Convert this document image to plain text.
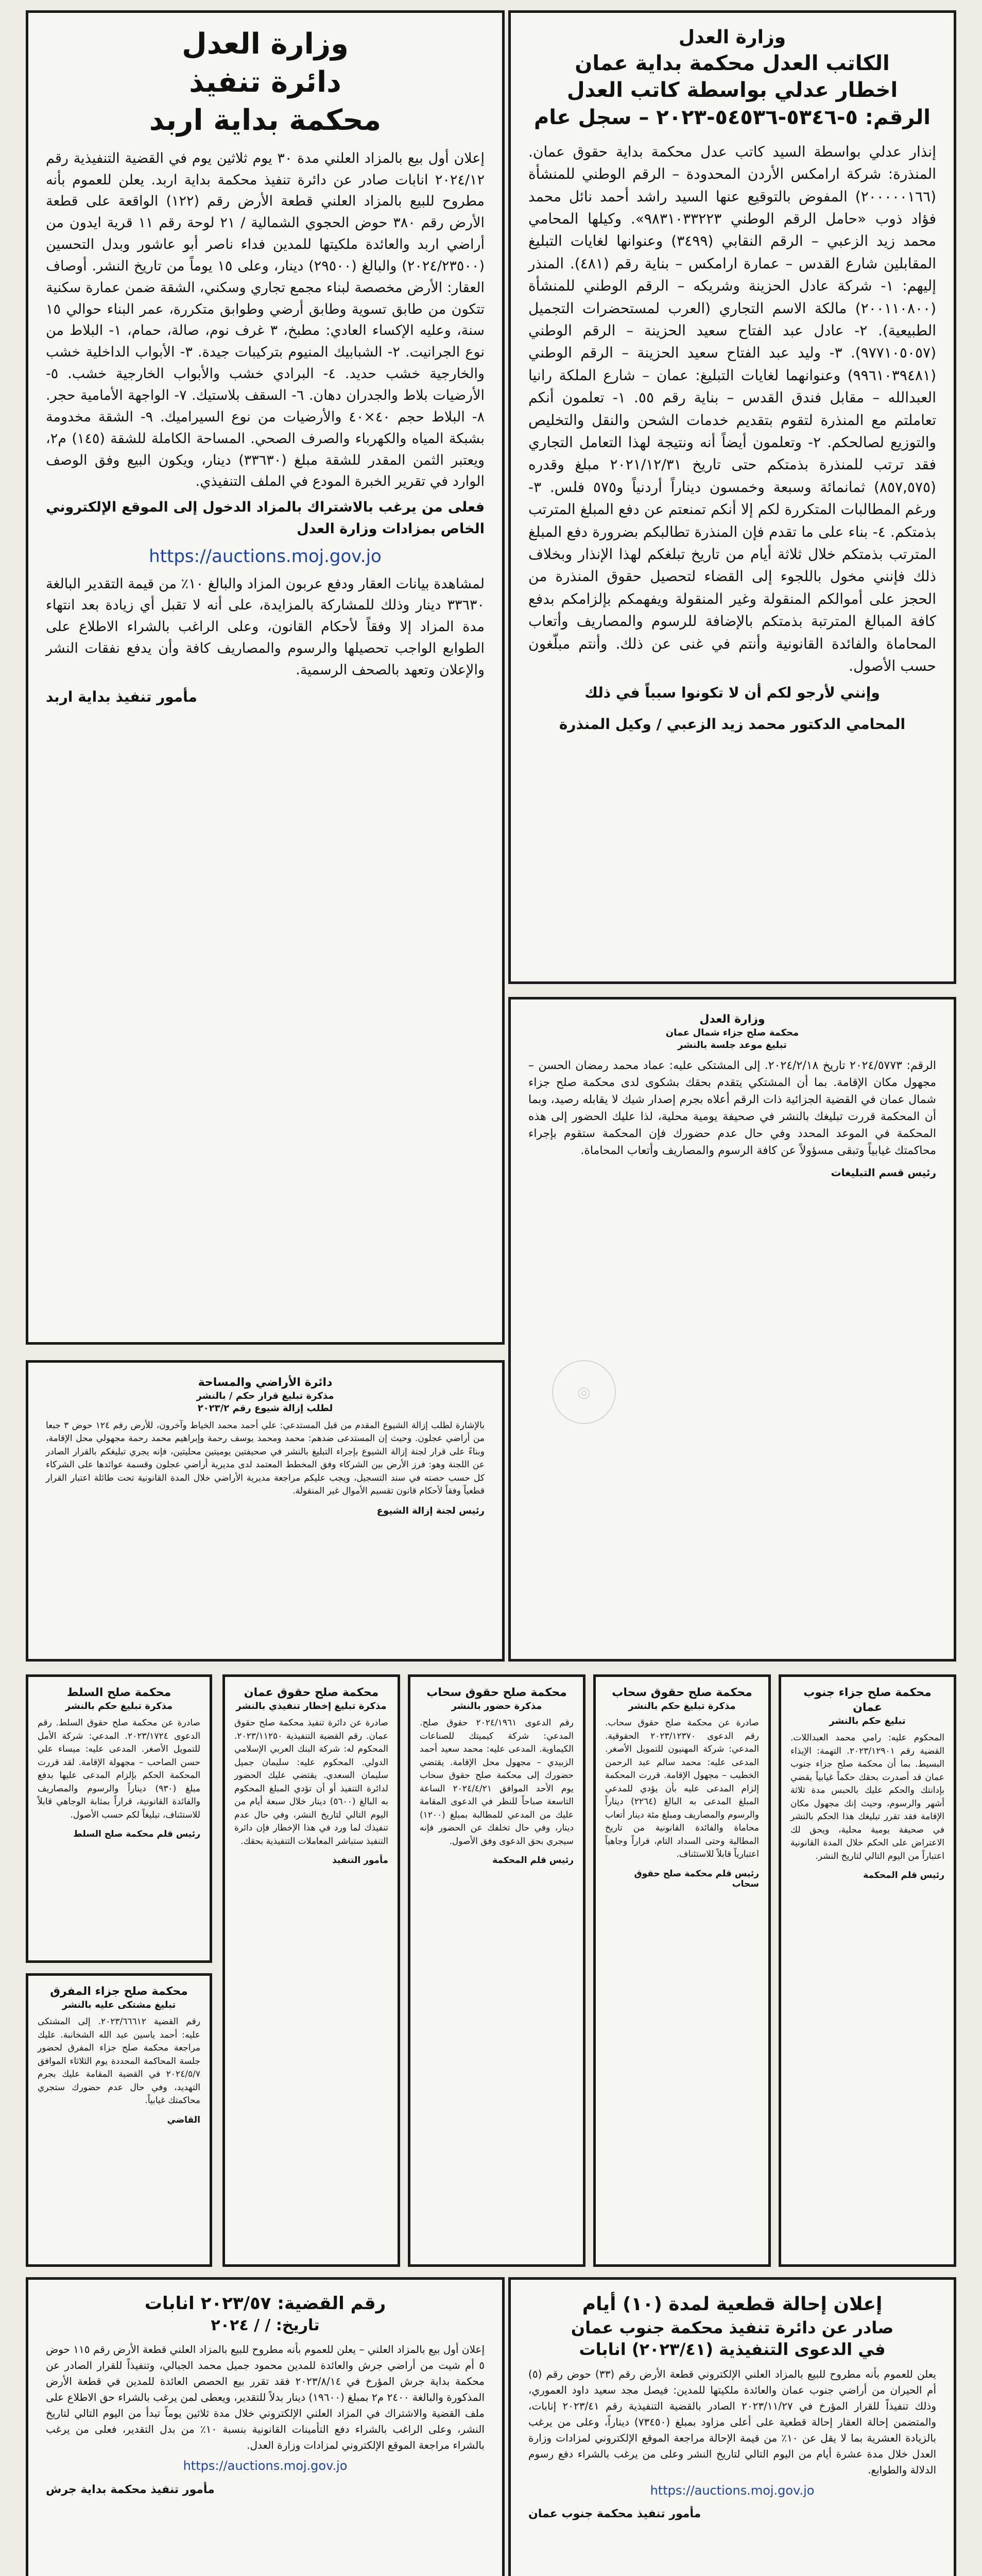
وزارة العدل

الكاتب العدل محكمة بداية عمان

اخطار عدلي بواسطة كاتب العدل

الرقم: ٥-٥٣٤٦-٥٤٥٣٦-٢٠٢٣ – سجل عام

إنذار عدلي بواسطة السيد كاتب عدل محكمة بداية حقوق عمان. المنذرة: شركة ارامكس الأردن المحدودة – الرقم الوطني للمنشأة (٢٠٠٠٠٠١٦٦) المفوض بالتوقيع عنها السيد راشد أحمد نائل محمد فؤاد ذوب «حامل الرقم الوطني ٩٨٣١٠٣٣٢٢٣». وكيلها المحامي محمد زيد الزعبي – الرقم النقابي (٣٤٩٩) وعنوانها لغايات التبليغ المقابلين شارع القدس – عمارة ارامكس – بناية رقم (٤٨١). المنذر إليهم: ١- شركة عادل الحزينة وشريكه – الرقم الوطني للمنشأة (٢٠٠١١٠٨٠٠) مالكة الاسم التجاري (العرب لمستحضرات التجميل الطبيعية). ٢- عادل عبد الفتاح سعيد الحزينة – الرقم الوطني (٩٧٧١٠٥٠٥٧). ٣- وليد عبد الفتاح سعيد الحزينة – الرقم الوطني (٩٩٦١٠٣٩٤٨١) وعنوانهما لغايات التبليغ: عمان – شارع الملكة رانيا العبدالله – مقابل فندق القدس – بناية رقم ٥٥. ١- تعلمون أنكم تعاملتم مع المنذرة لتقوم بتقديم خدمات الشحن والنقل والتخليص والتوزيع لصالحكم. ٢- وتعلمون أيضاً أنه ونتيجة لهذا التعامل التجاري فقد ترتب للمنذرة بذمتكم حتى تاريخ ٢٠٢١/١٢/٣١ مبلغ وقدره (٨٥٧,٥٧٥) ثمانمائة وسبعة وخمسون ديناراً أردنياً و٥٧٥ فلس. ٣- ورغم المطالبات المتكررة لكم إلا أنكم تمنعتم عن دفع المبلغ المترتب بذمتكم. ٤- بناء على ما تقدم فإن المنذرة تطالبكم بضرورة دفع المبلغ المترتب بذمتكم خلال ثلاثة أيام من تاريخ تبلغكم لهذا الإنذار وبخلاف ذلك فإنني مخول باللجوء إلى القضاء لتحصيل حقوق المنذرة من الحجز على أموالكم المنقولة وغير المنقولة ويفهمكم بإلزامكم بدفع كافة المبالغ المترتبة بذمتكم بالإضافة للرسوم والمصاريف وأتعاب المحاماة والفائدة القانونية وأنتم في غنى عن ذلك. وأنتم مبلّغون حسب الأصول.

وإنني لأرجو لكم أن لا تكونوا سبباً في ذلك

المحامي الدكتور محمد زيد الزعبي / وكيل المنذرة

وزارة العدل

دائرة تنفيذ

محكمة بداية اربد

إعلان أول بيع بالمزاد العلني مدة ٣٠ يوم ثلاثين يوم في القضية التنفيذية رقم ٢٠٢٤/١٢ انابات صادر عن دائرة تنفيذ محكمة بداية اربد. يعلن للعموم بأنه مطروح للبيع بالمزاد العلني قطعة الأرض رقم (١٢٢) الواقعة على قطعة الأرض رقم ٣٨٠ حوض الحجوي الشمالية / ٢١ لوحة رقم ١١ قرية ايدون من أراضي اربد والعائدة ملكيتها للمدين فداء ناصر أبو عاشور وبدل التحسين (٢٠٢٤/٢٣٥٠٠) والبالغ (٢٩٥٠٠) دينار، وعلى ١٥ يوماً من تاريخ النشر. أوصاف العقار: الأرض مخصصة لبناء مجمع تجاري وسكني، الشقة ضمن عمارة سكنية تتكون من طابق تسوية وطابق أرضي وطوابق متكررة، عمر البناء حوالي ١٥ سنة، وعليه الإكساء العادي: مطبخ، ٣ غرف نوم، صالة، حمام، ١- البلاط من نوع الجرانيت. ٢- الشبابيك المنيوم بتركيبات جيدة. ٣- الأبواب الداخلية خشب والخارجية خشب حديد. ٤- البرادي خشب والأبواب الخارجية خشب. ٥- الأرضيات بلاط والجدران دهان. ٦- السقف بلاستيك. ٧- الواجهة الأمامية حجر. ٨- البلاط حجم ٤٠×٤٠ والأرضيات من نوع السيراميك. ٩- الشقة مخدومة بشبكة المياه والكهرباء والصرف الصحي. المساحة الكاملة للشقة (١٤٥) م٢، ويعتبر الثمن المقدر للشقة مبلغ (٣٣٦٣٠) دينار، ويكون البيع وفق الوصف الوارد في تقرير الخبرة المودع في الملف التنفيذي.

فعلى من يرغب بالاشتراك بالمزاد الدخول إلى الموقع الإلكتروني الخاص بمزادات وزارة العدل

https://auctions.moj.gov.jo

لمشاهدة بيانات العقار ودفع عربون المزاد والبالغ ١٠٪ من قيمة التقدير البالغة ٣٣٦٣٠ دينار وذلك للمشاركة بالمزايدة، على أنه لا تقبل أي زيادة بعد انتهاء مدة المزاد إلا وفقاً لأحكام القانون، وعلى الراغب بالشراء الاطلاع على الطوابع الواجب تحصيلها والرسوم والمصاريف كافة وأن يدفع نفقات النشر والإعلان وتعهد بالصحف الرسمية.

مأمور تنفيذ بداية اربد

وزارة العدل

محكمة صلح جزاء شمال عمان

تبليغ موعد جلسة بالنشر

الرقم: ٢٠٢٤/٥٧٧٣ تاريخ ٢٠٢٤/٢/١٨. إلى المشتكى عليه: عماد محمد رمضان الحسن – مجهول مكان الإقامة. بما أن المشتكي يتقدم بحقك بشكوى لدى محكمة صلح جزاء شمال عمان في القضية الجزائية ذات الرقم أعلاه بجرم إصدار شيك لا يقابله رصيد، وبما أن المحكمة قررت تبليغك بالنشر في صحيفة يومية محلية، لذا عليك الحضور إلى هذه المحكمة في الموعد المحدد وفي حال عدم حضورك فإن المحكمة ستقوم بإجراء محاكمتك غيابياً وتبقى مسؤولاً عن كافة الرسوم والمصاريف وأتعاب المحاماة.

رئيس قسم التبليغات

◎

دائرة الأراضي والمساحة

مذكرة تبليغ قرار حكم / بالنشر

لطلب إزالة شيوع رقم ٢٠٢٣/٢

بالإشارة لطلب إزالة الشيوع المقدم من قبل المستدعي: علي أحمد محمد الخياط وآخرون، للأرض رقم ١٢٤ حوض ٣ جبعا من أراضي عجلون. وحيث إن المستدعى ضدهم: محمد ومحمد يوسف رحمة وإبراهيم محمد رحمة مجهولي محل الإقامة، وبناءً على قرار لجنة إزالة الشيوع بإجراء التبليغ بالنشر في صحيفتين يوميتين محليتين، فإنه يجري تبليغكم بالقرار الصادر عن اللجنة وهو: فرز الأرض بين الشركاء وفق المخطط المعتمد لدى مديرية أراضي عجلون وقسمة عوائدها على الشركاء كل حسب حصته في سند التسجيل، ويجب عليكم مراجعة مديرية الأراضي خلال المدة القانونية تحت طائلة اعتبار القرار قطعياً وفقاً لأحكام قانون تقسيم الأموال غير المنقولة.

رئيس لجنة إزالة الشيوع

محكمة صلح جزاء جنوب عمان

تبليغ حكم بالنشر

المحكوم عليه: رامي محمد العبداللات. القضية رقم ٢٠٢٣/١٢٩٠١. التهمة: الإيذاء البسيط. بما أن محكمة صلح جزاء جنوب عمان قد أصدرت بحقك حكماً غيابياً يقضي بإدانتك والحكم عليك بالحبس مدة ثلاثة أشهر والرسوم، وحيث إنك مجهول مكان الإقامة فقد تقرر تبليغك هذا الحكم بالنشر في صحيفة يومية محلية، ويحق لك الاعتراض على الحكم خلال المدة القانونية اعتباراً من اليوم التالي لتاريخ النشر.

رئيس قلم المحكمة

محكمة صلح حقوق سحاب

مذكرة تبليغ حكم بالنشر

صادرة عن محكمة صلح حقوق سحاب. رقم الدعوى ٢٠٢٣/١٢٣٧٠ الحقوقية. المدعي: شركة المهنيون للتمويل الأصغر. المدعى عليه: محمد سالم عبد الرحمن الخطيب – مجهول الإقامة. قررت المحكمة إلزام المدعى عليه بأن يؤدي للمدعي المبلغ المدعى به البالغ (٢٢٦٤) ديناراً والرسوم والمصاريف ومبلغ مئة دينار أتعاب محاماة والفائدة القانونية من تاريخ المطالبة وحتى السداد التام، قراراً وجاهياً اعتبارياً قابلاً للاستئناف.

رئيس قلم محكمة صلح حقوق سحاب

محكمة صلح حقوق سحاب

مذكرة حضور بالنشر

رقم الدعوى ٢٠٢٤/١٩٦١ حقوق صلح. المدعي: شركة كيميتك للصناعات الكيماوية. المدعى عليه: محمد سعيد أحمد الزبيدي – مجهول محل الإقامة. يقتضي حضورك إلى محكمة صلح حقوق سحاب يوم الأحد الموافق ٢٠٢٤/٤/٢١ الساعة التاسعة صباحاً للنظر في الدعوى المقامة عليك من المدعي للمطالبة بمبلغ (١٢٠٠) دينار، وفي حال تخلفك عن الحضور فإنه سيجري بحق الدعوى وفق الأصول.

رئيس قلم المحكمة

محكمة صلح حقوق عمان

مذكرة تبليغ إخطار تنفيذي بالنشر

صادرة عن دائرة تنفيذ محكمة صلح حقوق عمان. رقم القضية التنفيذية ٢٠٢٣/١١٢٥٠. المحكوم له: شركة البنك العربي الإسلامي الدولي. المحكوم عليه: سليمان جميل سليمان السعدي. يقتضي عليك الحضور لدائرة التنفيذ أو أن تؤدي المبلغ المحكوم به البالغ (٥٦٠٠) دينار خلال سبعة أيام من اليوم التالي لتاريخ النشر، وفي حال عدم تنفيذك لما ورد في هذا الإخطار فإن دائرة التنفيذ ستباشر المعاملات التنفيذية بحقك.

مأمور التنفيذ

محكمة صلح السلط

مذكرة تبليغ حكم بالنشر

صادرة عن محكمة صلح حقوق السلط. رقم الدعوى ٢٠٢٣/١٧٢٤. المدعي: شركة الأمل للتمويل الأصغر. المدعى عليه: ميساء علي حسن الصاحب – مجهولة الإقامة. لقد قررت المحكمة الحكم بإلزام المدعى عليها بدفع مبلغ (٩٣٠) ديناراً والرسوم والمصاريف والفائدة القانونية، قراراً بمثابة الوجاهي قابلاً للاستئناف، تبليغاً لكم حسب الأصول.

رئيس قلم محكمة صلح السلط

محكمة صلح جزاء المفرق

تبليغ مشتكى عليه بالنشر

رقم القضية ٢٠٢٣/٦٦٦١٢. إلى المشتكى عليه: أحمد ياسين عبد الله الشخانبة. عليك مراجعة محكمة صلح جزاء المفرق لحضور جلسة المحاكمة المحددة يوم الثلاثاء الموافق ٢٠٢٤/٥/٧ في القضية المقامة عليك بجرم التهديد، وفي حال عدم حضورك ستجري محاكمتك غيابياً.

القاضي

إعلان إحالة قطعية لمدة (١٠) أيام

صادر عن دائرة تنفيذ محكمة جنوب عمان

في الدعوى التنفيذية (٢٠٢٣/٤١) انابات

يعلن للعموم بأنه مطروح للبيع بالمزاد العلني الإلكتروني قطعة الأرض رقم (٣٣) حوض رقم (٥) أم الحيران من أراضي جنوب عمان والعائدة ملكيتها للمدين: فيصل مجد سعيد داود العموري، وذلك تنفيذاً للقرار المؤرخ في ٢٠٢٣/١١/٢٧ الصادر بالقضية التنفيذية رقم ٢٠٢٣/٤١ إنابات، والمتضمن إحالة العقار إحالة قطعية على أعلى مزاود بمبلغ (٧٣٤٥٠) ديناراً، وعلى من يرغب بالزيادة العشرية بما لا يقل عن ١٠٪ من قيمة الإحالة مراجعة الموقع الإلكتروني لمزادات وزارة العدل خلال مدة عشرة أيام من اليوم التالي لتاريخ النشر وعلى من يرغب بالشراء دفع رسوم الدلالة والطوابع.

https://auctions.moj.gov.jo

مأمور تنفيذ محكمة جنوب عمان

رقم القضية: ٢٠٢٣/٥٧ انابات

تاريخ: / / ٢٠٢٤

إعلان أول بيع بالمزاد العلني – يعلن للعموم بأنه مطروح للبيع بالمزاد العلني قطعة الأرض رقم ١١٥ حوض ٥ أم شيت من أراضي جرش والعائدة للمدين محمود جميل محمد الجبالي، وتنفيذاً للقرار الصادر عن محكمة بداية جرش المؤرخ في ٢٠٢٣/٨/١٤ فقد تقرر بيع الحصص العائدة للمدين في قطعة الأرض المذكورة والبالغة ٢٤٠٠ م٢ بمبلغ (١٩٦٠٠) دينار بدلاً للتقدير، ويعطى لمن يرغب بالشراء حق الاطلاع على ملف القضية والاشتراك في المزاد العلني الإلكتروني خلال مدة ثلاثين يوماً تبدأ من اليوم التالي لتاريخ النشر، وعلى الراغب بالشراء دفع التأمينات القانونية بنسبة ١٠٪ من بدل التقدير، فعلى من يرغب بالشراء مراجعة الموقع الإلكتروني لمزادات وزارة العدل.

https://auctions.moj.gov.jo

مأمور تنفيذ محكمة بداية جرش
